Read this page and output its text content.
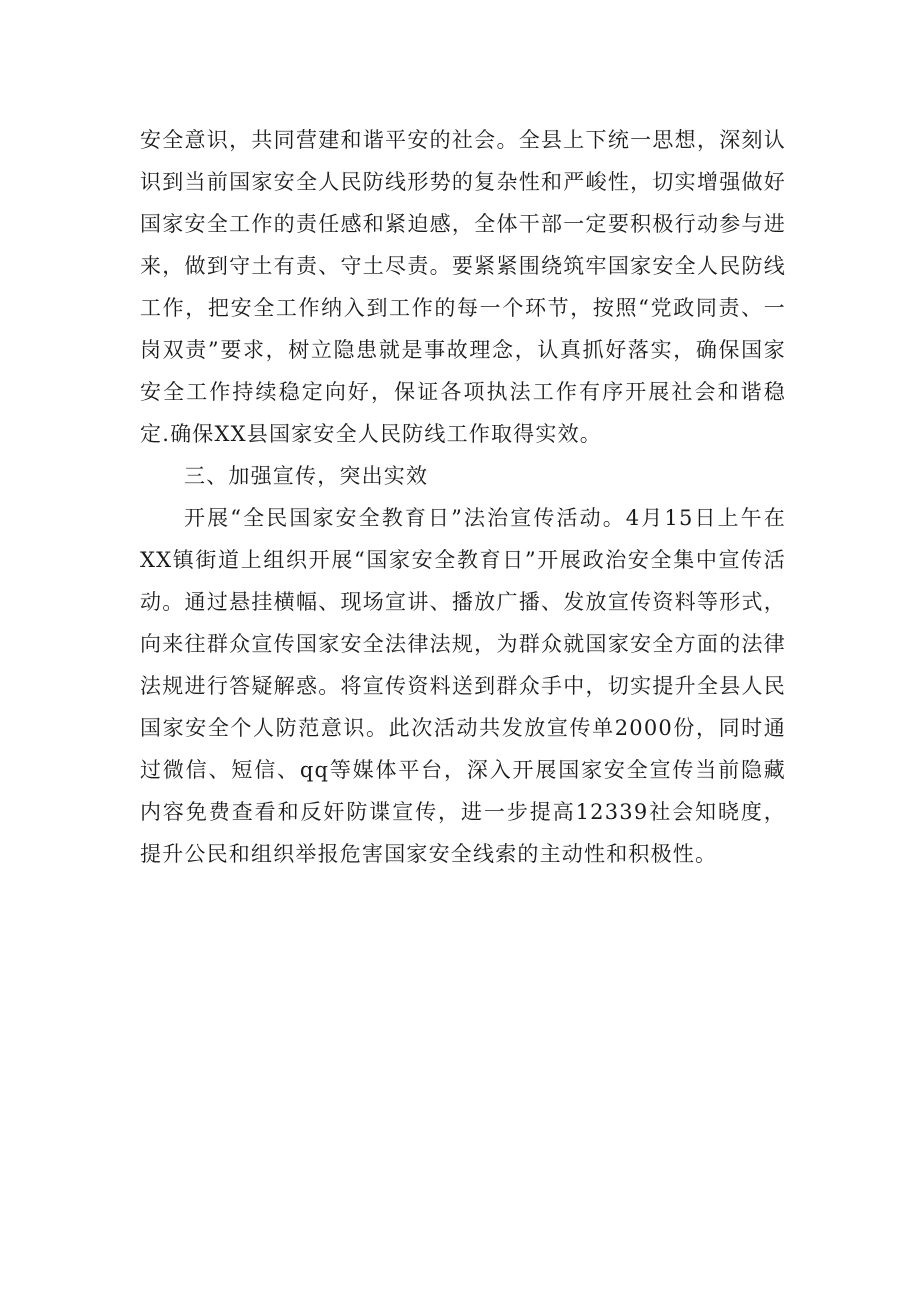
安全意识，共同营建和谐平安的社会。全县上下统一思想，深刻认识到当前国家安全人民防线形势的复杂性和严峻性，切实增强做好国家安全工作的责任感和紧迫感，全体干部一定要积极行动参与进来，做到守土有责、守土尽责。要紧紧围绕筑牢国家安全人民防线工作，把安全工作纳入到工作的每一个环节，按照“党政同责、一岗双责”要求，树立隐患就是事故理念，认真抓好落实，确保国家安全工作持续稳定向好，保证各项执法工作有序开展社会和谐稳定.确保XX县国家安全人民防线工作取得实效。

三、加强宣传，突出实效

开展“全民国家安全教育日”法治宣传活动。4月15日上午在XX镇街道上组织开展“国家安全教育日”开展政治安全集中宣传活动。通过悬挂横幅、现场宣讲、播放广播、发放宣传资料等形式，向来往群众宣传国家安全法律法规，为群众就国家安全方面的法律法规进行答疑解惑。将宣传资料送到群众手中，切实提升全县人民国家安全个人防范意识。此次活动共发放宣传单2000份，同时通过微信、短信、qq等媒体平台，深入开展国家安全宣传当前隐藏内容免费查看和反奸防谍宣传，进一步提高12339社会知晓度，提升公民和组织举报危害国家安全线索的主动性和积极性。
